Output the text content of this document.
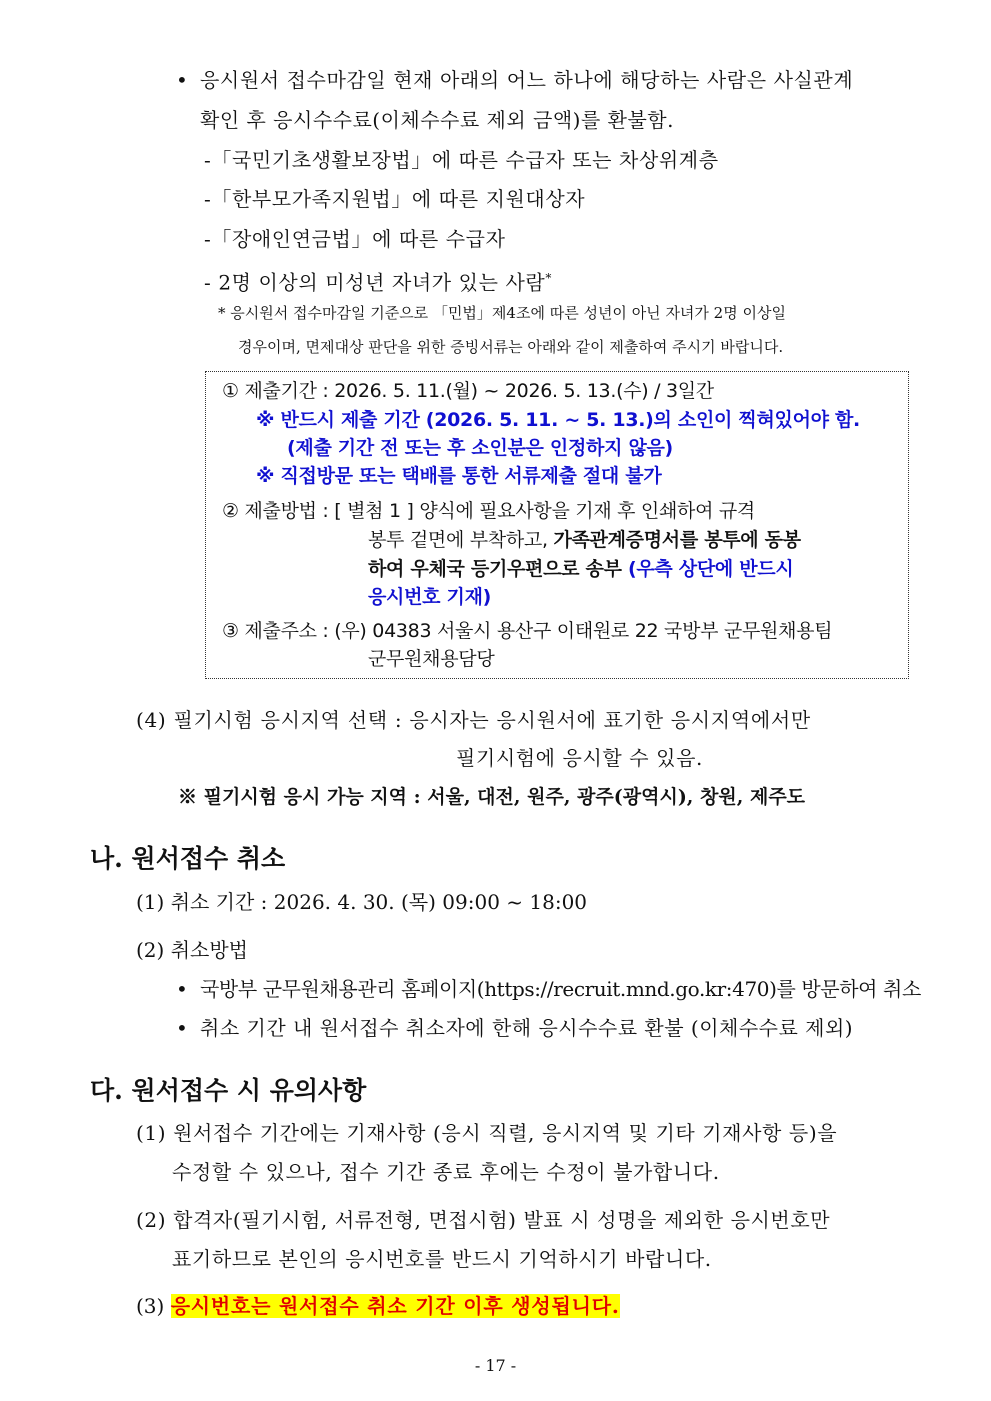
• 응시원서 접수마감일 현재 아래의 어느 하나에 해당하는 사람은 사실관계
확인 후 응시수수료(이체수수료 제외 금액)를 환불함.
-「국민기초생활보장법」에 따른 수급자 또는 차상위계층
-「한부모가족지원법」에 따른 지원대상자
-「장애인연금법」에 따른 수급자
- 2명 이상의 미성년 자녀가 있는 사람*
* 응시원서 접수마감일 기준으로 「민법」제4조에 따른 성년이 아닌 자녀가 2명 이상일
경우이며, 면제대상 판단을 위한 증빙서류는 아래와 같이 제출하여 주시기 바랍니다.
① 제출기간 : 2026. 5. 11.(월) ~ 2026. 5. 13.(수) / 3일간
※ 반드시 제출 기간 (2026. 5. 11. ~ 5. 13.)의 소인이 찍혀있어야 함.
(제출 기간 전 또는 후 소인분은 인정하지 않음)
※ 직접방문 또는 택배를 통한 서류제출 절대 불가
② 제출방법 : [ 별첨 1 ] 양식에 필요사항을 기재 후 인쇄하여 규격
봉투 겉면에 부착하고, 가족관계증명서를 봉투에 동봉
하여 우체국 등기우편으로 송부 (우측 상단에 반드시
응시번호 기재)
③ 제출주소 : (우) 04383 서울시 용산구 이태원로 22 국방부 군무원채용팀
군무원채용담당
(4) 필기시험 응시지역 선택 : 응시자는 응시원서에 표기한 응시지역에서만
필기시험에 응시할 수 있음.
※ 필기시험 응시 가능 지역 : 서울, 대전, 원주, 광주(광역시), 창원, 제주도
나. 원서접수 취소
(1) 취소 기간 : 2026. 4. 30. (목) 09:00 ~ 18:00
(2) 취소방법
• 국방부 군무원채용관리 홈페이지(https://recruit.mnd.go.kr:470)를 방문하여 취소
• 취소 기간 내 원서접수 취소자에 한해 응시수수료 환불 (이체수수료 제외)
다. 원서접수 시 유의사항
(1) 원서접수 기간에는 기재사항 (응시 직렬, 응시지역 및 기타 기재사항 등)을
수정할 수 있으나, 접수 기간 종료 후에는 수정이 불가합니다.
(2) 합격자(필기시험, 서류전형, 면접시험) 발표 시 성명을 제외한 응시번호만
표기하므로 본인의 응시번호를 반드시 기억하시기 바랍니다.
(3) 응시번호는 원서접수 취소 기간 이후 생성됩니다.
- 17 -
